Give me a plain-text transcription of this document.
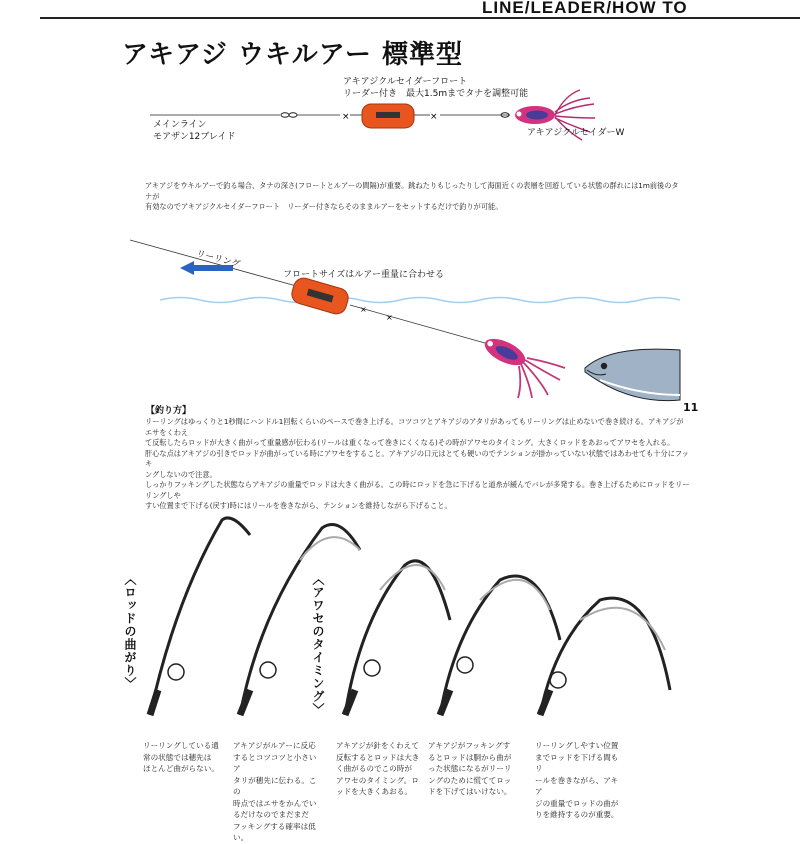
LINE/LEADER/HOW TO
アキアジ ウキルアー 標準型
×	×
×
×
アキアジクルセイダーフロート
リーダー付き　最大1.5mまでタナを調整可能
メインライン
モアザン12ブレイド	アキアジクルセイダーW
アキアジをウキルアーで釣る場合、タナの深さ(フロートとルアーの間隔)が重要。跳ねたりもじったりして海面近くの表層を回遊している状態の群れには1m前後のタナが
有効なのでアキアジクルセイダーフロート　リーダー付きならそのままルアーをセットするだけで釣りが可能。
リーリング
フロートサイズはルアー重量に合わせる
【釣り方】	11
リーリングはゆっくりと1秒間にハンドル1回転くらいのペースで巻き上げる。コツコツとアキアジのアタリがあってもリーリングは止めないで巻き続ける。アキアジがエサをくわえ
て反転したらロッドが大きく曲がって重量感が伝わる(リールは重くなって巻きにくくなる)その時がアワセのタイミング。大きくロッドをあおってアワセを入れる。
肝心な点はアキアジの引きでロッドが曲がっている時にアワセをすること。アキアジの口元はとても硬いのでテンションが掛かっていない状態ではあわせても十分にフッキ
ングしないので注意。
しっかりフッキングした状態ならアキアジの重量でロッドは大きく曲がる。この時にロッドを急に下げると道糸が緩んでバレが多発する。巻き上げるためにロッドをリーリングしや
すい位置まで下げる(戻す)時にはリールを巻きながら、テンションを維持しながら下げること。
〈ロッドの曲がり〉	〈アワセのタイミング〉
リーリングしている通
常の状態では穂先は
ほとんど曲がらない。
アキアジがルアーに反応
するとコツコツと小さいア
タリが穂先に伝わる。この
時点ではエサをかんでい
るだけなのでまだまだ
フッキングする確率は低い。
アキアジが針をくわえて
反転するとロッドは大き
く曲がるのでこの時が
アワセのタイミング。ロ
ッドを大きくあおる。
アキアジがフッキングす
るとロッドは胴から曲が
った状態になるがリーリ
ングのために慌ててロッ
ドを下げてはいけない。
リーリングしやすい位置
までロッドを下げる間もリ
ールを巻きながら、アキア
ジの重量でロッドの曲が
りを維持するのが重要。
